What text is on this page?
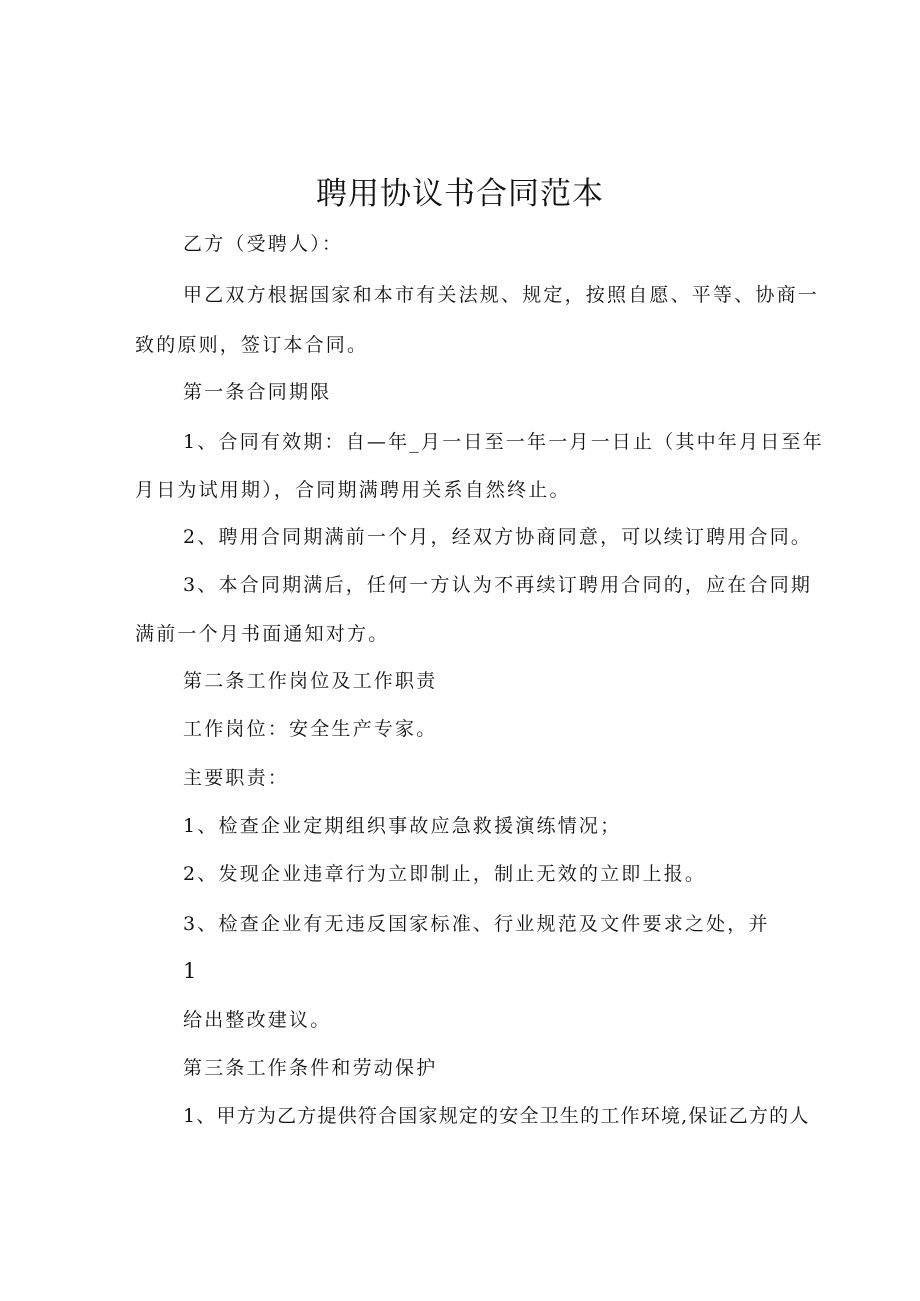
聘用协议书合同范本

乙方（受聘人）：

甲乙双方根据国家和本市有关法规、规定，按照自愿、平等、协商一

致的原则，签订本合同。

第一条合同期限

1、合同有效期：自—年_月一日至一年一月一日止（其中年月日至年

月日为试用期），合同期满聘用关系自然终止。

2、聘用合同期满前一个月，经双方协商同意，可以续订聘用合同。

3、本合同期满后，任何一方认为不再续订聘用合同的，应在合同期

满前一个月书面通知对方。

第二条工作岗位及工作职责

工作岗位：安全生产专家。

主要职责：

1、检查企业定期组织事故应急救援演练情况；

2、发现企业违章行为立即制止，制止无效的立即上报。

3、检查企业有无违反国家标准、行业规范及文件要求之处，并

1

给出整改建议。

第三条工作条件和劳动保护

1、甲方为乙方提供符合国家规定的安全卫生的工作环境,保证乙方的人
